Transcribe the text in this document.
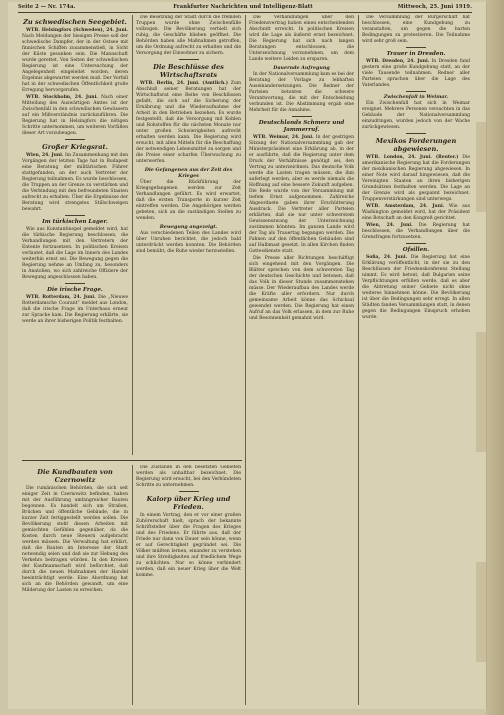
Seite 2 — Nr. 174a.	Frankfurter Nachrichten und Intelligenz-Blatt	Mittwoch, 25. Juni 1919.
Zu schwedischen Seegebiet.

WTB. Helsingfors (Schweden), 24. Juni. Nach Meldungen der hiesigen Presse soll der schwedische Dampfer, der in der Ostsee mit finnischen Schiffen zusammenstieß, in Sicht der Küste gesunken sein. Die Mannschaft wurde gerettet. Von Seiten der schwedischen Regierung ist eine Untersuchung der Angelegenheit eingeleitet worden, deren Ergebnis abgewartet werden muß. Der Vorfall hat in der schwedischen Öffentlichkeit große Erregung hervorgerufen.

WTB. Stockholm, 24. Juni. Nach einer Mitteilung des Auswärtigen Amtes ist der Zwischenfall in den schwedischen Gewässern auf ein Mißverständnis zurückzuführen. Die Regierung hat in Helsingfors die nötigen Schritte unternommen, um weiteren Vorfällen dieser Art vorzubeugen.

Großer Kriegsrat.

Wien, 24. Juni. Im Zusammenhang mit den Vorgängen der letzten Tage hat in Budapest eine Beratung der militärischen Führer stattgefunden, an der auch Vertreter der Regierung teilnahmen. Es wurde beschlossen, die Truppen an der Grenze zu verstärken und die Verbindung mit den befreundeten Staaten aufrecht zu erhalten. Über die Ergebnisse der Beratung wird strengstes Stillschweigen bewahrt.

Im türkischen Lager.

Wie aus Konstantinopel gemeldet wird, hat die türkische Regierung beschlossen, die Verhandlungen mit den Vertretern der Entente fortzusetzen. In politischen Kreisen verlautet, daß die Lage im Innern des Landes weiterhin ernst sei. Die Bewegung gegen die Regierung nehme an Umfang zu, besonders in Anatolien, wo sich zahlreiche Offiziere der Bewegung angeschlossen haben.

Die irische Frage.

WTB. Rotterdam, 24. Juni. Die „Nieuwe Rotterdamsche Courant“ meldet aus London, daß die irische Frage im Unterhaus erneut zur Sprache kam. Die Regierung erklärte, sie werde an ihrer bisherigen Politik festhalten.

Die Besetzung der Stadt durch die fremden Truppen wurde ohne Zwischenfälle vollzogen. Die Bevölkerung verhielt sich ruhig, die Geschäfte blieben geöffnet. Die Behörden haben alle Maßnahmen getroffen, um die Ordnung aufrecht zu erhalten und die Versorgung der Einwohner zu sichern.

Die Beschlüsse des Wirtschaftsrats

WTB. Berlin, 24. Juni. (Amtlich.) Zum Abschluß seiner Beratungen hat der Wirtschaftsrat eine Reihe von Beschlüssen gefaßt, die sich auf die Sicherung der Ernährung und die Wiederaufnahme der Arbeit in den Betrieben beziehen. Es wurde festgestellt, daß die Versorgung mit Kohlen und Rohstoffen für die nächsten Monate nur unter großen Schwierigkeiten aufrecht erhalten werden kann. Die Regierung wird ersucht, mit allen Mitteln für die Beschaffung der notwendigen Lebensmittel zu sorgen und die Preise einer scharfen Überwachung zu unterwerfen.

Die Gefangenen aus der Zeit des Krieges

Über die Rückführung der Kriegsgefangenen werden zur Zeit Verhandlungen geführt. Es wird erwartet, daß die ersten Transporte in kurzer Zeit eintreffen werden. Die Angehörigen werden gebeten, sich an die zuständigen Stellen zu wenden.

Bewegung angezeigt.

Aus verschiedenen Teilen des Landes wird über Unruhen berichtet, die jedoch bald unterdrückt werden konnten. Die Behörden sind bemüht, die Ruhe wieder herzustellen.

Die Verhandlungen über den Friedensvertrag haben einen entscheidenden Abschnitt erreicht. In politischen Kreisen wird die Lage als äußerst ernst bezeichnet. Die Regierung hat sich nach langen Beratungen entschlossen, die Unterzeichnung vorzunehmen, um dem Lande weitere Leiden zu ersparen.

Dauernde Aufregung

In der Nationalversammlung kam es bei der Beratung der Vorlage zu lebhaften Auseinandersetzungen. Die Redner der Parteien betonten die schwere Verantwortung, die mit der Entscheidung verbunden ist. Die Abstimmung ergab eine Mehrheit für die Annahme.

Deutschlands Schmerz und Jammerruf.

WTB. Weimar, 24. Juni. In der gestrigen Sitzung der Nationalversammlung gab der Ministerpräsident eine Erklärung ab, in der er ausführte, daß die Regierung unter dem Druck der Verhältnisse genötigt sei, den Vertrag zu unterzeichnen. Das deutsche Volk werde die Lasten tragen müssen, die ihm auferlegt werden, aber es werde niemals die Hoffnung auf eine bessere Zukunft aufgeben. Die Rede wurde von der Versammlung mit tiefem Ernst aufgenommen. Zahlreiche Abgeordnete gaben ihrer Erschütterung Ausdruck. Die Vertreter aller Parteien erklärten, daß sie nur unter schwerstem Gewissenszwang der Unterzeichnung zustimmen könnten. Im ganzen Lande wird der Tag als Trauertag begangen werden. Die Fahnen auf den öffentlichen Gebäuden sind auf Halbmast gesetzt. In allen Kirchen finden Gottesdienste statt.

Die Presse aller Richtungen beschäftigt sich eingehend mit den Vorgängen. Die Blätter sprechen von dem schwersten Tag der deutschen Geschichte und betonen, daß das Volk in dieser Stunde zusammenstehen müsse. Der Wiederaufbau des Landes werde die Kräfte aller erfordern. Nur durch gemeinsame Arbeit könne das Schicksal gewendet werden. Die Regierung hat einen Aufruf an das Volk erlassen, in dem zur Ruhe und Besonnenheit gemahnt wird.

Die Versammlung der Bürgerschaft hat beschlossen, eine Kundgebung zu veranstalten, um gegen die harten Bedingungen zu protestieren. Die Teilnahme wird sehr groß sein.

Trauer in Dresden.

WTB. Dresden, 24. Juni. In Dresden fand gestern eine große Kundgebung statt, an der viele Tausende teilnahmen. Redner aller Parteien sprachen über die Lage des Vaterlandes.

Zwischenfall in Weimar.

Ein Zwischenfall hat sich in Weimar ereignet. Mehrere Personen versuchten in das Gebäude der Nationalversammlung einzudringen, wurden jedoch von der Wache zurückgewiesen.

Mexikos Forderungen abgewiesen.

WTB. London, 24. Juni. (Reuter.) Die amerikanische Regierung hat die Forderungen der mexikanischen Regierung abgewiesen. In einer Note wird darauf hingewiesen, daß die Vereinigten Staaten an ihren bisherigen Grundsätzen festhalten werden. Die Lage an der Grenze wird als gespannt bezeichnet. Truppenverstärkungen sind unterwegs.

WTB. Amsterdam, 24. Juni. Wie aus Washington gemeldet wird, hat der Präsident eine Botschaft an den Kongreß gerichtet.

Wien, 24. Juni. Die Regierung hat beschlossen, die Verhandlungen über die Grenzfragen fortzusetzen.

Ofsillen.

Sofia, 24. Juni. Die Regierung hat eine Erklärung veröffentlicht, in der sie zu den Beschlüssen der Friedenskonferenz Stellung nimmt. Es wird betont, daß Bulgarien seine Verpflichtungen erfüllen werde, daß es aber die Abtretung seiner Gebiete nicht ohne weiteres hinnehmen könne. Die Bevölkerung ist über die Bedingungen sehr erregt. In allen Städten fanden Versammlungen statt, in denen gegen die Bedingungen Einspruch erhoben wurde.

Die Kundbauten von Czernowitz

Die rumänischen Behörden, die sich seit einiger Zeit in Czernowitz befinden, haben mit der Ausführung umfangreicher Bauten begonnen. Es handelt sich um Straßen, Brücken und öffentliche Gebäude, die in kurzer Zeit fertiggestellt werden sollen. Die Bevölkerung steht diesen Arbeiten mit gemischten Gefühlen gegenüber, da die Kosten durch neue Steuern aufgebracht werden müssen. Die Verwaltung hat erklärt, daß die Bauten im Interesse der Stadt notwendig seien und daß sie zur Hebung des Verkehrs beitragen würden. In den Kreisen der Kaufmannschaft wird befürchtet, daß durch die neuen Maßnahmen der Handel beeinträchtigt werde. Eine Abordnung hat sich an die Behörden gewandt, um eine Milderung der Lasten zu erreichen.

Die Zustände in den besetzten Gebieten werden als unhaltbar bezeichnet. Die Regierung wird ersucht, bei den Verbündeten Schritte zu unternehmen.

Kalorp über Krieg und Frieden.

In einem Vortrag, den er vor einer großen Zuhörerschaft hielt, sprach der bekannte Schriftsteller über die Fragen des Krieges und des Friedens. Er führte aus, daß der Friede nur dann von Dauer sein könne, wenn er auf Gerechtigkeit gegründet sei. Die Völker müßten lernen, einander zu verstehen und ihre Streitigkeiten auf friedlichem Wege zu schlichten. Nur so könne verhindert werden, daß ein neuer Krieg über die Welt komme.
